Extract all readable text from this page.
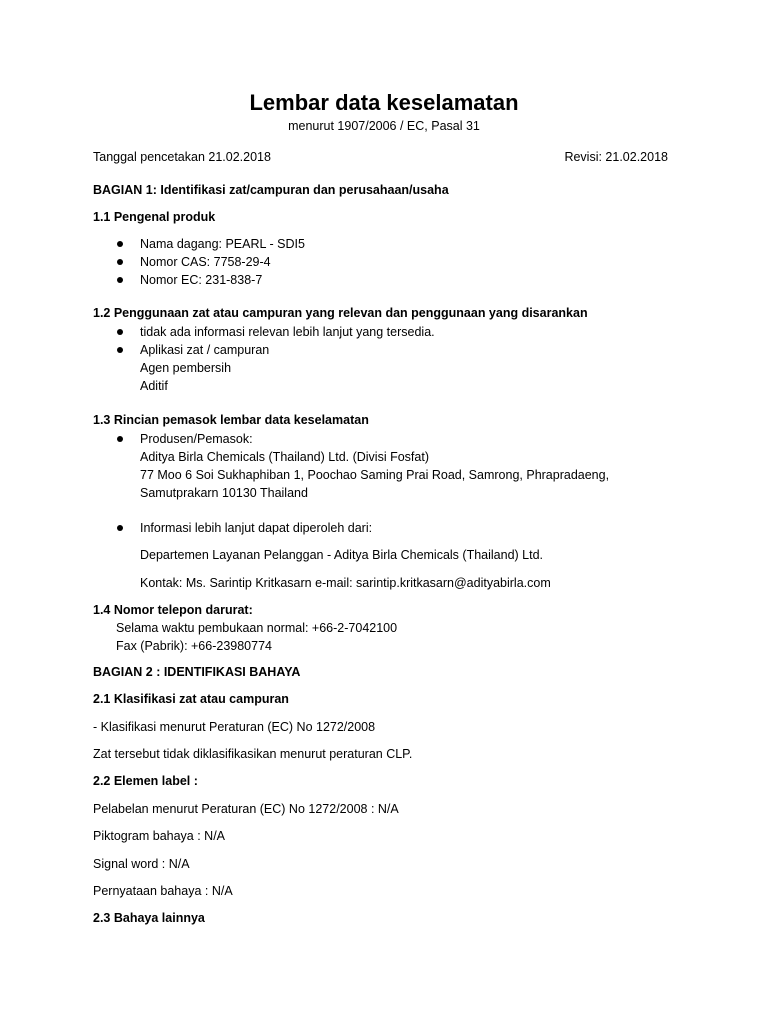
Lembar data keselamatan
menurut 1907/2006 / EC, Pasal 31
Tanggal pencetakan 21.02.2018	Revisi: 21.02.2018
BAGIAN 1: Identifikasi zat/campuran dan perusahaan/usaha
1.1 Pengenal produk
Nama dagang: PEARL - SDI5
Nomor CAS: 7758-29-4
Nomor EC: 231-838-7
1.2 Penggunaan zat atau campuran yang relevan dan penggunaan yang disarankan
tidak ada informasi relevan lebih lanjut yang tersedia.
Aplikasi zat / campuran
Agen pembersih
Aditif
1.3 Rincian pemasok lembar data keselamatan
Produsen/Pemasok:
Aditya Birla Chemicals (Thailand) Ltd. (Divisi Fosfat)
77 Moo 6 Soi Sukhaphiban 1, Poochao Saming Prai Road, Samrong, Phrapradaeng,
Samutprakarn 10130 Thailand
Informasi lebih lanjut dapat diperoleh dari:
Departemen Layanan Pelanggan - Aditya Birla Chemicals (Thailand) Ltd.
Kontak: Ms. Sarintip Kritkasarn e-mail: sarintip.kritkasarn@adityabirla.com
1.4 Nomor telepon darurat:
Selama waktu pembukaan normal: +66-2-7042100
Fax (Pabrik): +66-23980774
BAGIAN 2 : IDENTIFIKASI BAHAYA
2.1 Klasifikasi zat atau campuran
- Klasifikasi menurut Peraturan (EC) No 1272/2008
Zat tersebut tidak diklasifikasikan menurut peraturan CLP.
2.2 Elemen label :
Pelabelan menurut Peraturan (EC) No 1272/2008 : N/A
Piktogram bahaya : N/A
Signal word : N/A
Pernyataan bahaya : N/A
2.3 Bahaya lainnya
